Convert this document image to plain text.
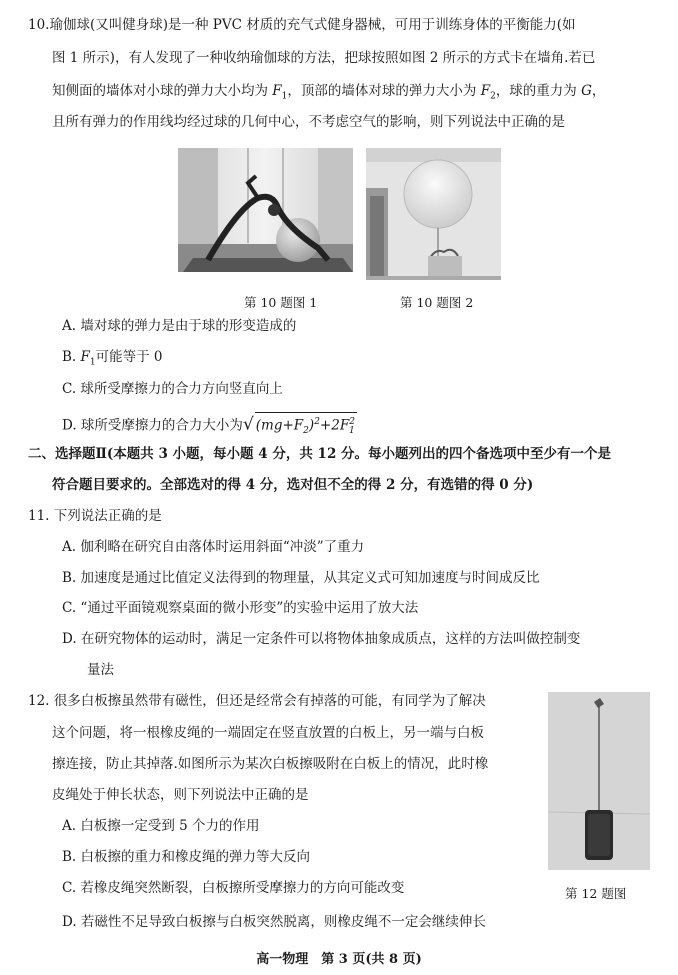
10.瑜伽球(又叫健身球)是一种 PVC 材质的充气式健身器械，可用于训练身体的平衡能力(如
图 1 所示)，有人发现了一种收纳瑜伽球的方法，把球按照如图 2 所示的方式卡在墙角.若已
知侧面的墙体对小球的弹力大小均为 $F_1$，顶部的墙体对球的弹力大小为 $F_2$，球的重力为 G，
且所有弹力的作用线均经过球的几何中心，不考虑空气的影响，则下列说法中正确的是
第 10 题图 1	第 10 题图 2
A. 墙对球的弹力是由于球的形变造成的
B. $F_1$可能等于 0
C. 球所受摩擦力的合力方向竖直向上
D. 球所受摩擦力的合力大小为√ $(mg+F_2)^2+2F^2_1$
二、选择题Ⅱ(本题共 3 小题，每小题 4 分，共 12 分。每小题列出的四个备选项中至少有一个是
符合题目要求的。全部选对的得 4 分，选对但不全的得 2 分，有选错的得 0 分)
11. 下列说法正确的是
A. 伽利略在研究自由落体时运用斜面“冲淡”了重力
B. 加速度是通过比值定义法得到的物理量，从其定义式可知加速度与时间成反比
C. “通过平面镜观察桌面的微小形变”的实验中运用了放大法
D. 在研究物体的运动时，满足一定条件可以将物体抽象成质点，这样的方法叫做控制变
量法
12. 很多白板擦虽然带有磁性，但还是经常会有掉落的可能，有同学为了解决
这个问题，将一根橡皮绳的一端固定在竖直放置的白板上，另一端与白板
擦连接，防止其掉落.如图所示为某次白板擦吸附在白板上的情况，此时橡
皮绳处于伸长状态，则下列说法中正确的是
A. 白板擦一定受到 5 个力的作用
B. 白板擦的重力和橡皮绳的弹力等大反向
C. 若橡皮绳突然断裂，白板擦所受摩擦力的方向可能改变
D. 若磁性不足导致白板擦与白板突然脱离，则橡皮绳不一定会继续伸长
第 12 题图
高一物理　第 3 页(共 8 页)
